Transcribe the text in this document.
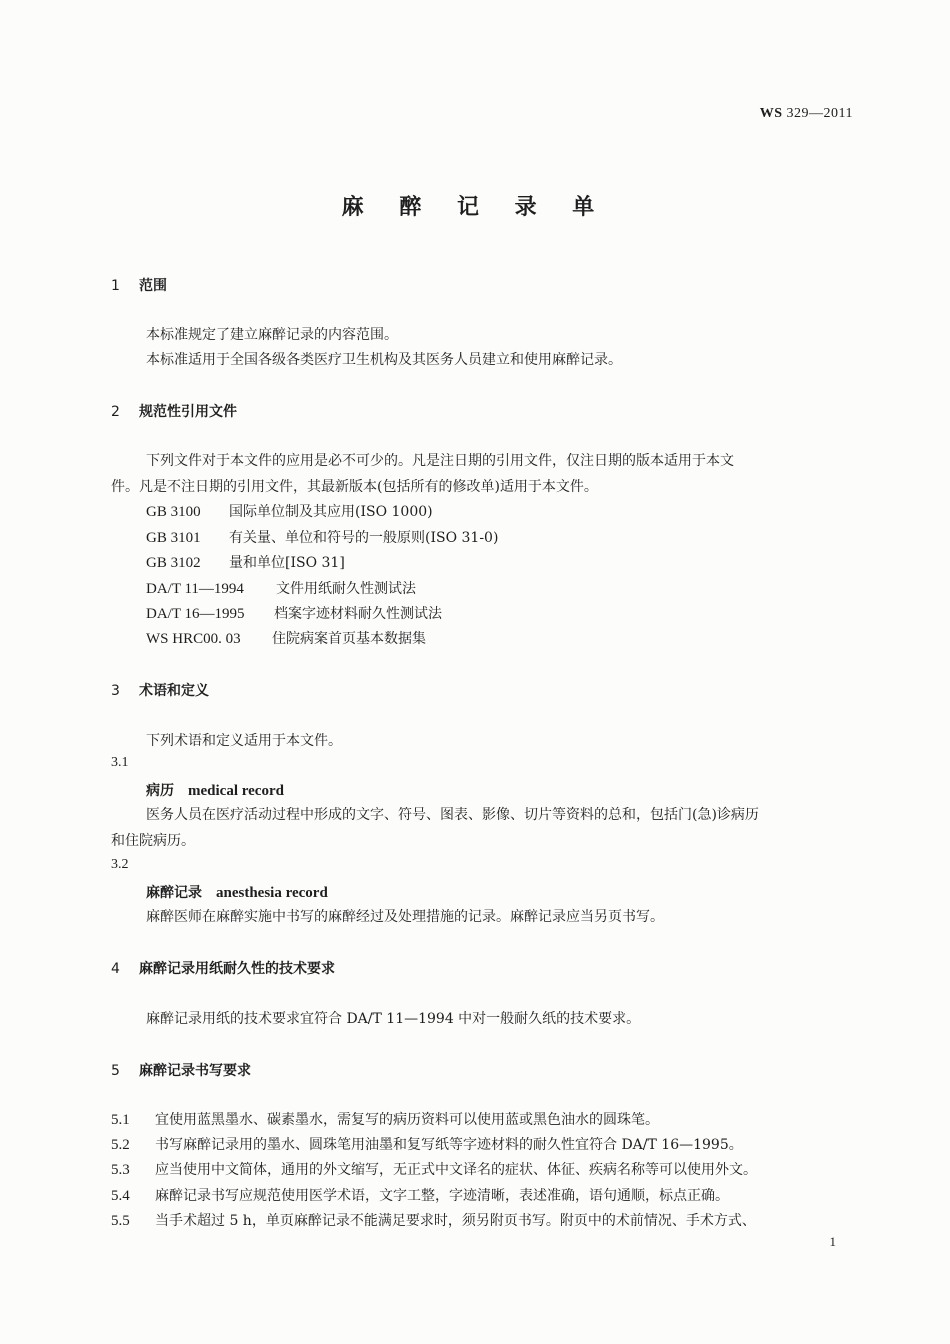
WS 329—2011
麻 醉 记 录 单
1 范围
本标准规定了建立麻醉记录的内容范围。
本标准适用于全国各级各类医疗卫生机构及其医务人员建立和使用麻醉记录。
2 规范性引用文件
下列文件对于本文件的应用是必不可少的。凡是注日期的引用文件，仅注日期的版本适用于本文
件。凡是不注日期的引用文件，其最新版本(包括所有的修改单)适用于本文件。
GB 3100 国际单位制及其应用(ISO 1000)
GB 3101 有关量、单位和符号的一般原则(ISO 31-0)
GB 3102 量和单位[ISO 31]
DA/T 11—1994 文件用纸耐久性测试法
DA/T 16—1995 档案字迹材料耐久性测试法
WS HRC00. 03 住院病案首页基本数据集
3 术语和定义
下列术语和定义适用于本文件。
3.1
病历 medical record
医务人员在医疗活动过程中形成的文字、符号、图表、影像、切片等资料的总和，包括门(急)诊病历
和住院病历。
3.2
麻醉记录 anesthesia record
麻醉医师在麻醉实施中书写的麻醉经过及处理措施的记录。麻醉记录应当另页书写。
4 麻醉记录用纸耐久性的技术要求
麻醉记录用纸的技术要求宜符合 DA/T 11—1994 中对一般耐久纸的技术要求。
5 麻醉记录书写要求
5.1 宜使用蓝黑墨水、碳素墨水，需复写的病历资料可以使用蓝或黑色油水的圆珠笔。
5.2 书写麻醉记录用的墨水、圆珠笔用油墨和复写纸等字迹材料的耐久性宜符合 DA/T 16—1995。
5.3 应当使用中文简体，通用的外文缩写，无正式中文译名的症状、体征、疾病名称等可以使用外文。
5.4 麻醉记录书写应规范使用医学术语，文字工整，字迹清晰，表述准确，语句通顺，标点正确。
5.5 当手术超过 5 h，单页麻醉记录不能满足要求时，须另附页书写。附页中的术前情况、手术方式、
1
